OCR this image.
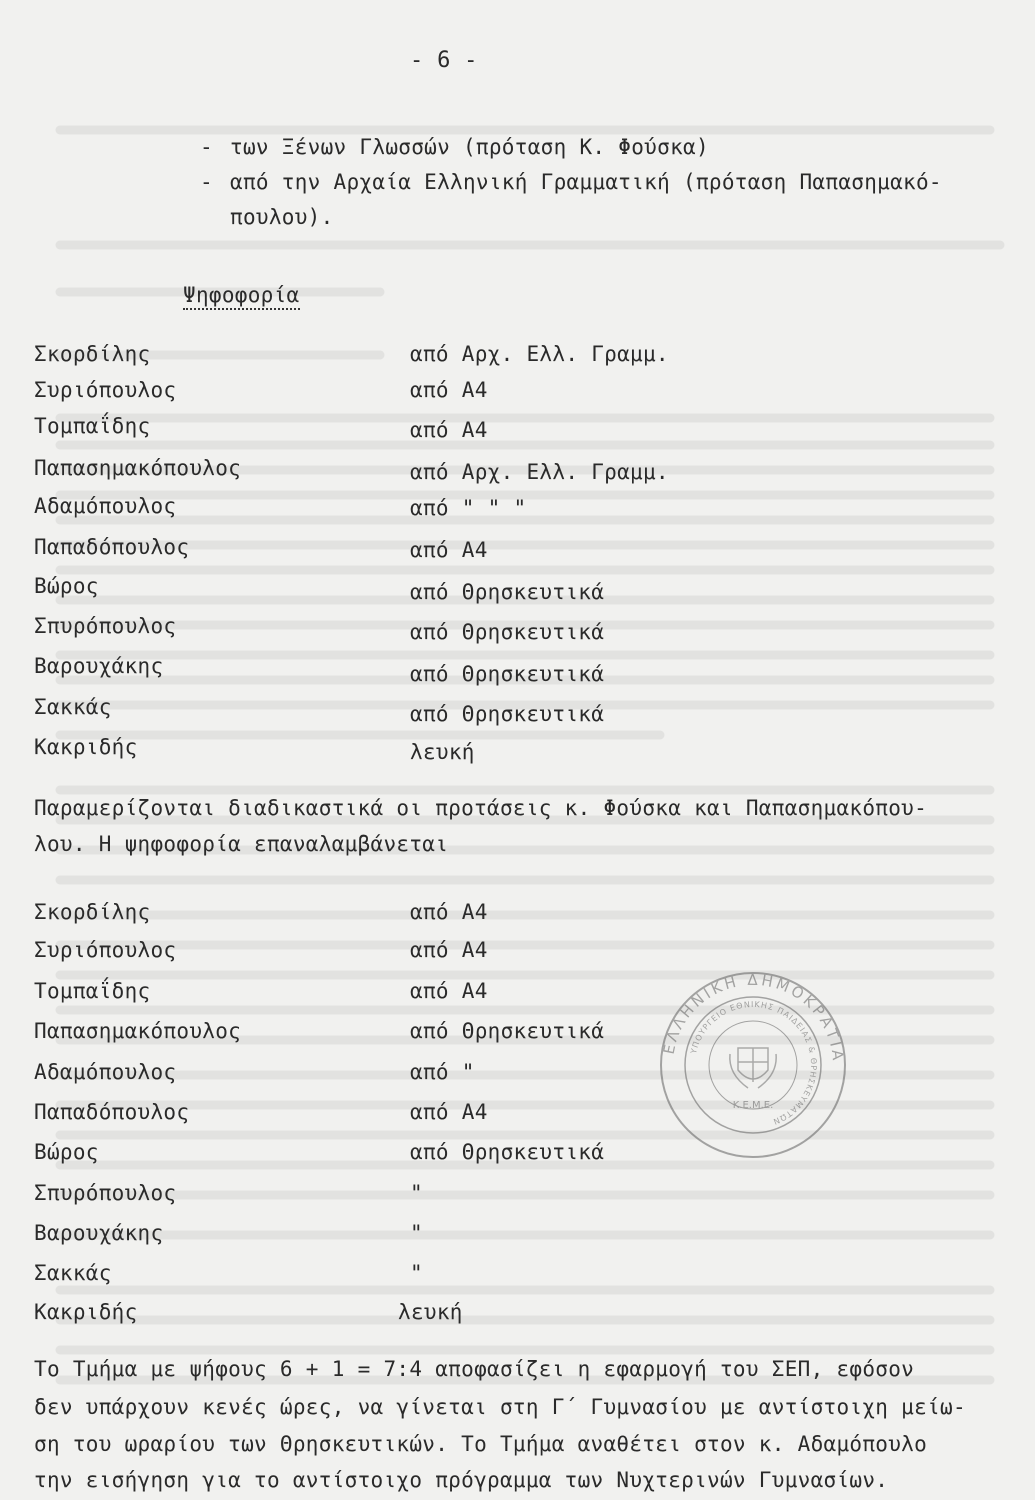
- 6 -
- των Ξένων Γλωσσών (πρόταση Κ. Φούσκα)
- από την Αρχαία Ελληνική Γραμματική (πρόταση Παπασημακό-
πουλου).
Ψηφοφορία
Σκορδίλης	από Αρχ. Ελλ. Γραμμ.
Συριόπουλος	από Α4
Τομπαΐδης	από Α4
Παπασημακόπουλος	από Αρχ. Ελλ. Γραμμ.
Αδαμόπουλος	από " " "
Παπαδόπουλος	από Α4
Βώρος	από Θρησκευτικά
Σπυρόπουλος	από Θρησκευτικά
Βαρουχάκης	από Θρησκευτικά
Σακκάς	από Θρησκευτικά
Κακριδής	λευκή
Παραμερίζονται διαδικαστικά οι προτάσεις κ. Φούσκα και Παπασημακόπου-
λου. Η ψηφοφορία επαναλαμβάνεται
Σκορδίλης	από Α4
Συριόπουλος	από Α4
Τομπαΐδης	από Α4
Παπασημακόπουλος	από Θρησκευτικά
Αδαμόπουλος	από "
Παπαδόπουλος	από Α4
Βώρος	από Θρησκευτικά
Σπυρόπουλος	"
Βαρουχάκης	"
Σακκάς	"
Κακριδής	λευκή
Το Τμήμα με ψήφους 6 + 1 = 7:4 αποφασίζει η εφαρμογή του ΣΕΠ, εφόσον
δεν υπάρχουν κενές ώρες, να γίνεται στη Γ΄ Γυμνασίου με αντίστοιχη μείω-
ση του ωραρίου των Θρησκευτικών. Το Τμήμα αναθέτει στον κ. Αδαμόπουλο
την εισήγηση για το αντίστοιχο πρόγραμμα των Νυχτερινών Γυμνασίων.
ΕΛΛΗΝΙΚΗ ΔΗΜΟΚΡΑΤΙΑ
ΥΠΟΥΡΓΕΙΟ ΕΘΝΙΚΗΣ ΠΑΙΔΕΙΑΣ & ΘΡΗΣΚΕΥΜΑΤΩΝ
Κ.Ε.Μ.Ε.
